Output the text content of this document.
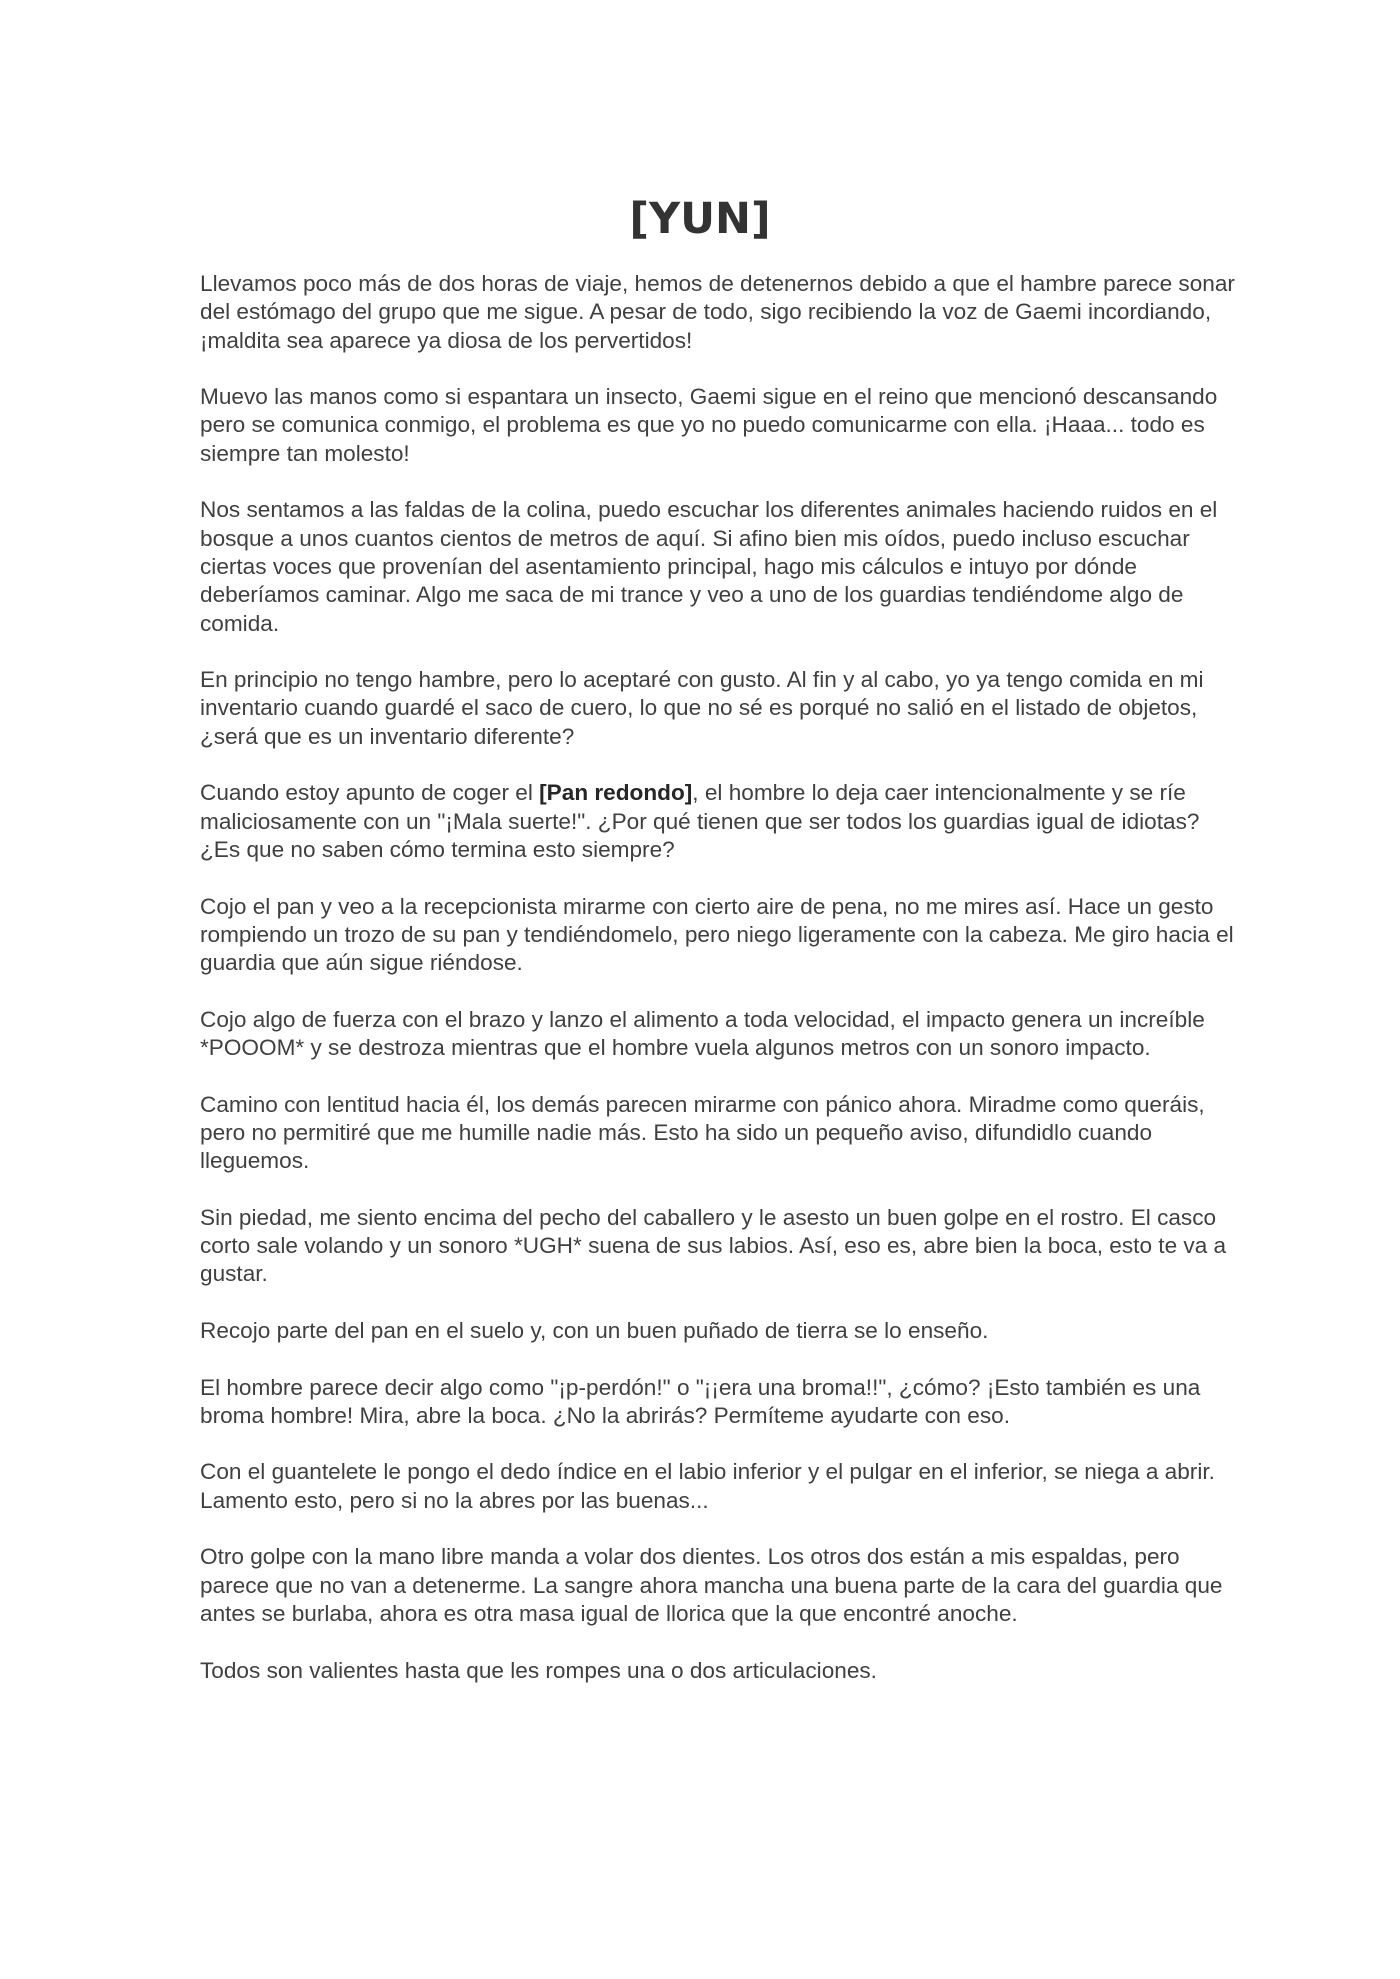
[YUN]

Llevamos poco más de dos horas de viaje, hemos de detenernos debido a que el hambre parece sonar del estómago del grupo que me sigue. A pesar de todo, sigo recibiendo la voz de Gaemi incordiando, ¡maldita sea aparece ya diosa de los pervertidos!

Muevo las manos como si espantara un insecto, Gaemi sigue en el reino que mencionó descansando pero se comunica conmigo, el problema es que yo no puedo comunicarme con ella. ¡Haaa... todo es siempre tan molesto!

Nos sentamos a las faldas de la colina, puedo escuchar los diferentes animales haciendo ruidos en el bosque a unos cuantos cientos de metros de aquí. Si afino bien mis oídos, puedo incluso escuchar ciertas voces que provenían del asentamiento principal, hago mis cálculos e intuyo por dónde deberíamos caminar. Algo me saca de mi trance y veo a uno de los guardias tendiéndome algo de comida.

En principio no tengo hambre, pero lo aceptaré con gusto. Al fin y al cabo, yo ya tengo comida en mi inventario cuando guardé el saco de cuero, lo que no sé es porqué no salió en el listado de objetos, ¿será que es un inventario diferente?

Cuando estoy apunto de coger el [Pan redondo], el hombre lo deja caer intencionalmente y se ríe maliciosamente con un "¡Mala suerte!". ¿Por qué tienen que ser todos los guardias igual de idiotas? ¿Es que no saben cómo termina esto siempre?

Cojo el pan y veo a la recepcionista mirarme con cierto aire de pena, no me mires así. Hace un gesto rompiendo un trozo de su pan y tendiéndomelo, pero niego ligeramente con la cabeza. Me giro hacia el guardia que aún sigue riéndose.

Cojo algo de fuerza con el brazo y lanzo el alimento a toda velocidad, el impacto genera un increíble *POOOM* y se destroza mientras que el hombre vuela algunos metros con un sonoro impacto.

Camino con lentitud hacia él, los demás parecen mirarme con pánico ahora. Miradme como queráis, pero no permitiré que me humille nadie más. Esto ha sido un pequeño aviso, difundidlo cuando lleguemos.

Sin piedad, me siento encima del pecho del caballero y le asesto un buen golpe en el rostro. El casco corto sale volando y un sonoro *UGH* suena de sus labios. Así, eso es, abre bien la boca, esto te va a gustar.

Recojo parte del pan en el suelo y, con un buen puñado de tierra se lo enseño.

El hombre parece decir algo como "¡p-perdón!" o "¡¡era una broma!!", ¿cómo? ¡Esto también es una broma hombre! Mira, abre la boca. ¿No la abrirás? Permíteme ayudarte con eso.

Con el guantelete le pongo el dedo índice en el labio inferior y el pulgar en el inferior, se niega a abrir. Lamento esto, pero si no la abres por las buenas...

Otro golpe con la mano libre manda a volar dos dientes. Los otros dos están a mis espaldas, pero parece que no van a detenerme. La sangre ahora mancha una buena parte de la cara del guardia que antes se burlaba, ahora es otra masa igual de llorica que la que encontré anoche.

Todos son valientes hasta que les rompes una o dos articulaciones.
